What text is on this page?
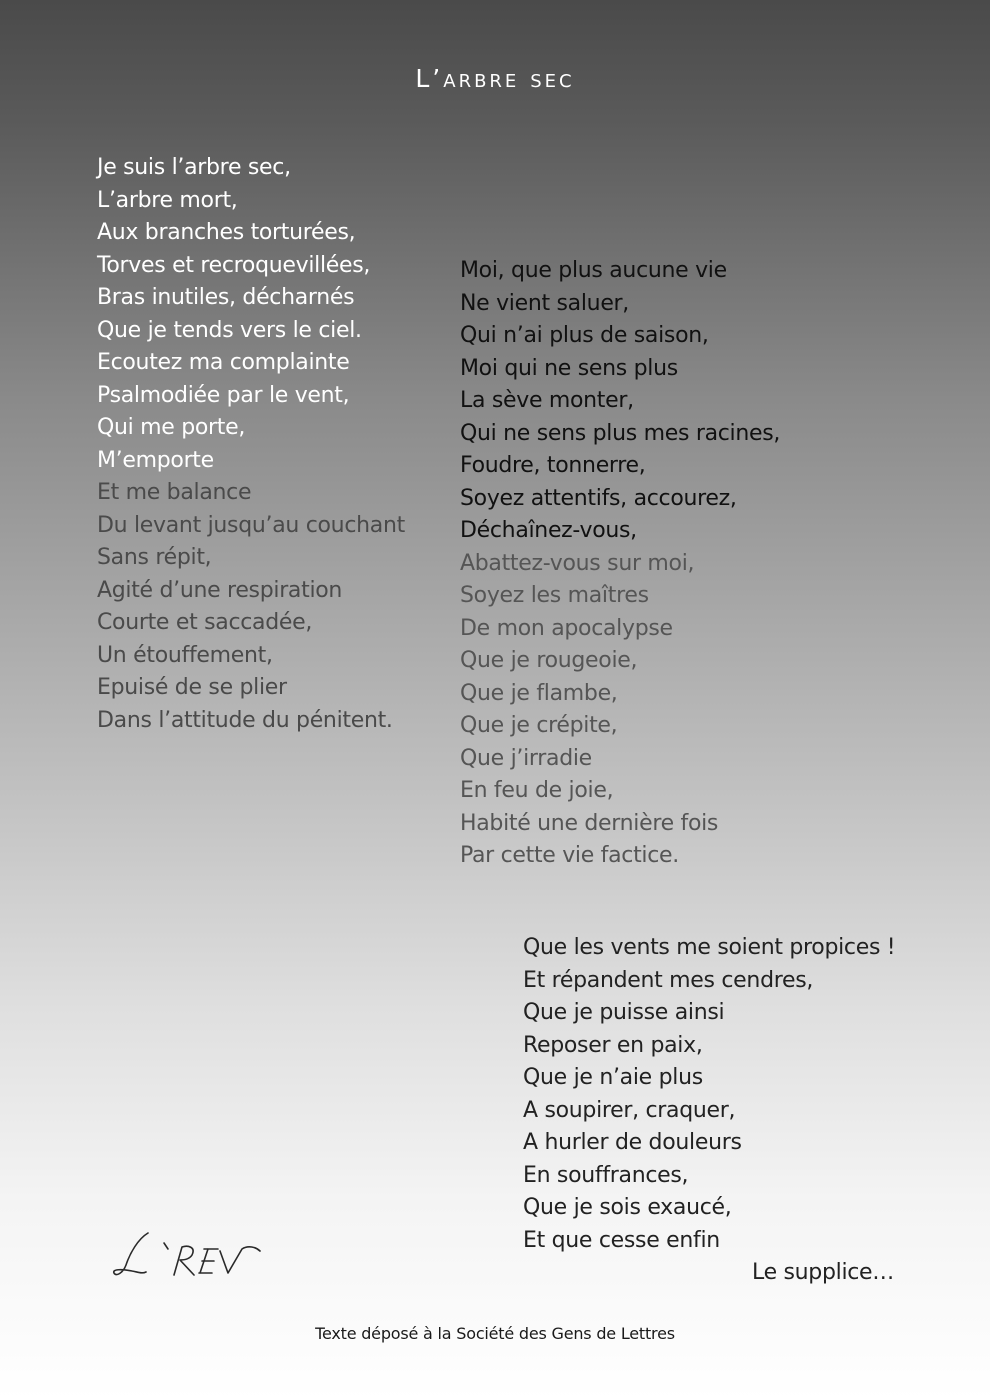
L’arbre sec
Je suis l’arbre sec,
L’arbre mort,
Aux branches torturées,
Torves et recroquevillées,
Bras inutiles, décharnés
Que je tends vers le ciel.
Ecoutez ma complainte
Psalmodiée par le vent,
Qui me porte,
M’emporte
Et me balance
Du levant jusqu’au couchant
Sans répit,
Agité d’une respiration
Courte et saccadée,
Un étouffement,
Epuisé de se plier
Dans l’attitude du pénitent.
Moi, que plus aucune vie
Ne vient saluer,
Qui n’ai plus de saison,
Moi qui ne sens plus
La sève monter,
Qui ne sens plus mes racines,
Foudre, tonnerre,
Soyez attentifs, accourez,
Déchaînez-vous,
Abattez-vous sur moi,
Soyez les maîtres
De mon apocalypse
Que je rougeoie,
Que je flambe,
Que je crépite,
Que j’irradie
En feu de joie,
Habité une dernière fois
Par cette vie factice.
Que les vents me soient propices !
Et répandent mes cendres,
Que je puisse ainsi
Reposer en paix,
Que je n’aie plus
A soupirer, craquer,
A hurler de douleurs
En souffrances,
Que je sois exaucé,
Et que cesse enfin
Le supplice…
Texte déposé à la Société des Gens de Lettres
